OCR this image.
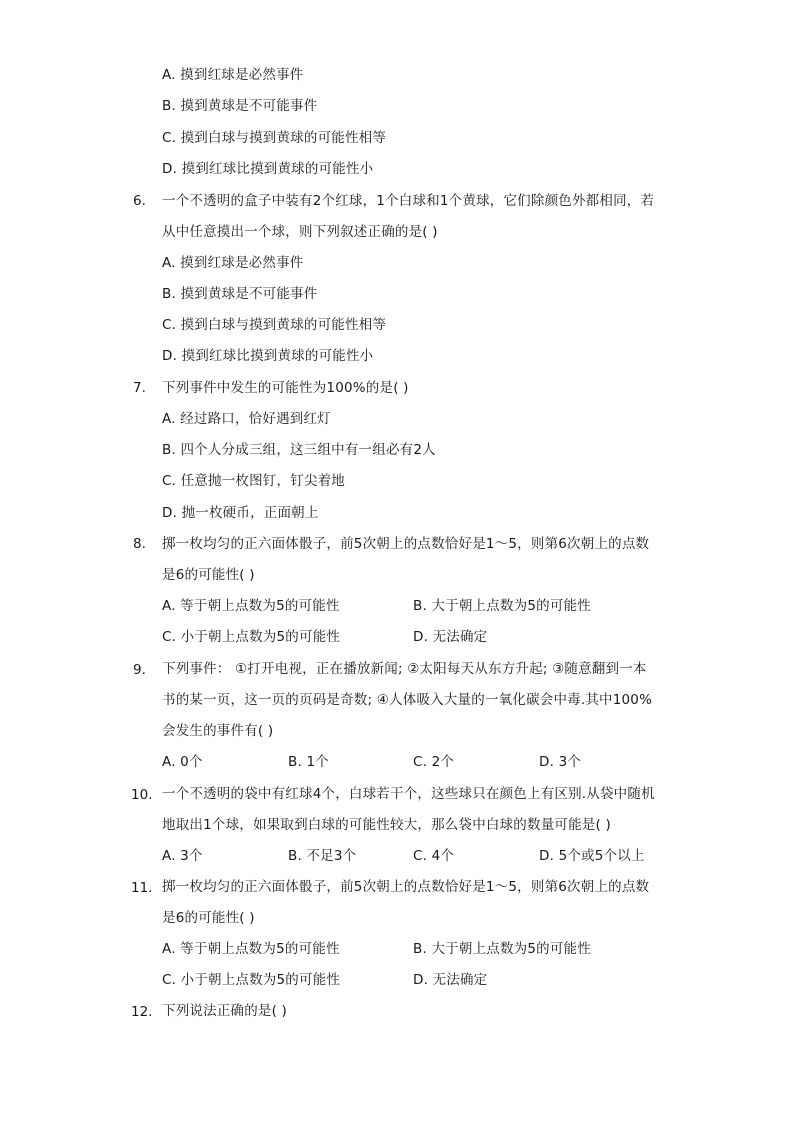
A. 摸到红球是必然事件
B. 摸到黄球是不可能事件
C. 摸到白球与摸到黄球的可能性相等
D. 摸到红球比摸到黄球的可能性小
6. 一个不透明的盒子中装有2个红球，1个白球和1个黄球，它们除颜色外都相同，若
从中任意摸出一个球，则下列叙述正确的是( )
A. 摸到红球是必然事件
B. 摸到黄球是不可能事件
C. 摸到白球与摸到黄球的可能性相等
D. 摸到红球比摸到黄球的可能性小
7. 下列事件中发生的可能性为100%的是( )
A. 经过路口，恰好遇到红灯
B. 四个人分成三组，这三组中有一组必有2人
C. 任意抛一枚图钉，钉尖着地
D. 抛一枚硬币，正面朝上
8. 掷一枚均匀的正六面体骰子，前5次朝上的点数恰好是1～5，则第6次朝上的点数
是6的可能性( )
A. 等于朝上点数为5的可能性	B. 大于朝上点数为5的可能性
C. 小于朝上点数为5的可能性	D. 无法确定
9. 下列事件： ①打开电视，正在播放新闻; ②太阳每天从东方升起; ③随意翻到一本
书的某一页，这一页的页码是奇数; ④人体吸入大量的一氧化碳会中毒.其中100%
会发生的事件有( )
A. 0个	B. 1个	C. 2个	D. 3个
10. 一个不透明的袋中有红球4个，白球若干个，这些球只在颜色上有区别.从袋中随机
地取出1个球，如果取到白球的可能性较大，那么袋中白球的数量可能是( )
A. 3个	B. 不足3个	C. 4个	D. 5个或5个以上
11. 掷一枚均匀的正六面体骰子，前5次朝上的点数恰好是1～5，则第6次朝上的点数
是6的可能性( )
A. 等于朝上点数为5的可能性	B. 大于朝上点数为5的可能性
C. 小于朝上点数为5的可能性	D. 无法确定
12. 下列说法正确的是( )
